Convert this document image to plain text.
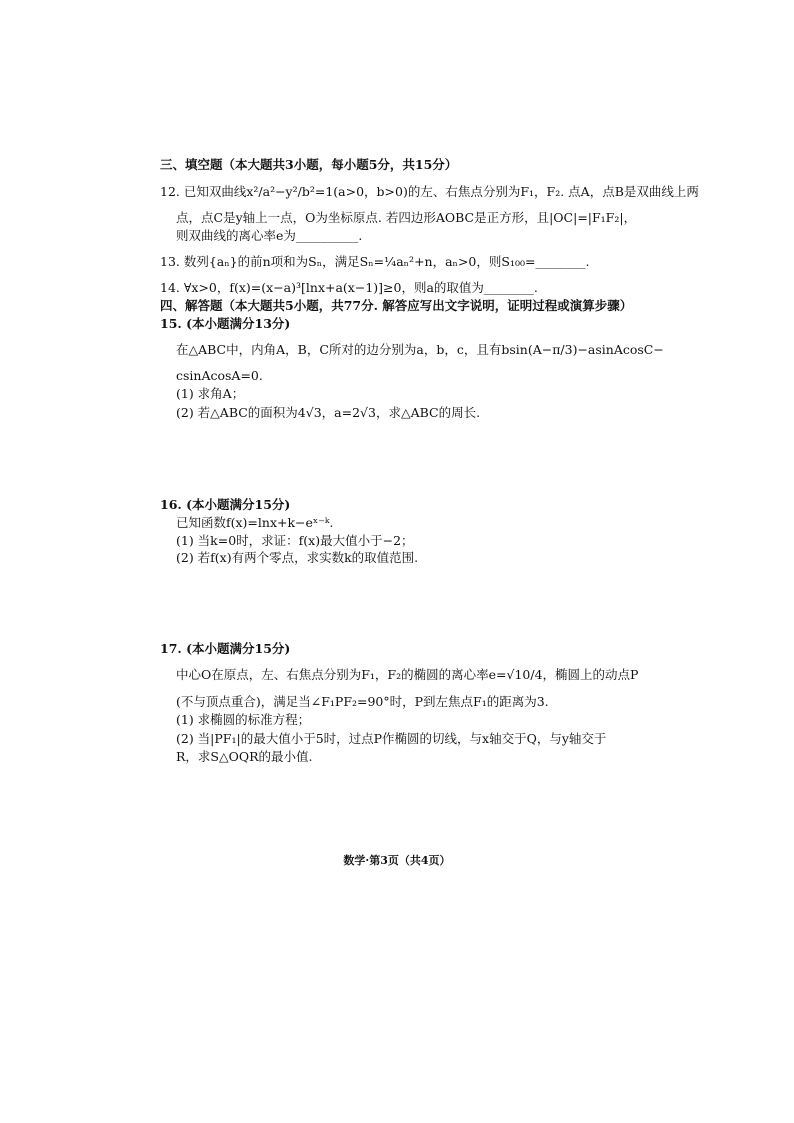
三、填空题（本大题共3小题，每小题5分，共15分）
12. 已知双曲线x²/a²−y²/b²=1(a>0，b>0)的左、右焦点分别为F₁，F₂. 点A，点B是双曲线上两
点，点C是y轴上一点，O为坐标原点. 若四边形AOBC是正方形，且|OC|=|F₁F₂|，
则双曲线的离心率e为__________.
13. 数列{aₙ}的前n项和为Sₙ，满足Sₙ=¼aₙ²+n，aₙ>0，则S₁₀₀=________.
14. ∀x>0，f(x)=(x−a)³[lnx+a(x−1)]≥0，则a的取值为________.
四、解答题（本大题共5小题，共77分. 解答应写出文字说明，证明过程或演算步骤）
15. (本小题满分13分)
在△ABC中，内角A，B，C所对的边分别为a，b，c，且有bsin(A−π/3)−asinAcosC−
csinAcosA=0.
(1) 求角A；
(2) 若△ABC的面积为4√3，a=2√3，求△ABC的周长.
16. (本小题满分15分)
已知函数f(x)=lnx+k−eˣ⁻ᵏ.
(1) 当k=0时，求证：f(x)最大值小于−2；
(2) 若f(x)有两个零点，求实数k的取值范围.
17. (本小题满分15分)
中心O在原点，左、右焦点分别为F₁，F₂的椭圆的离心率e=√10/4，椭圆上的动点P
(不与顶点重合)，满足当∠F₁PF₂=90°时，P到左焦点F₁的距离为3.
(1) 求椭圆的标准方程；
(2) 当|PF₁|的最大值小于5时，过点P作椭圆的切线，与x轴交于Q，与y轴交于
R，求S△OQR的最小值.
数学·第3页（共4页）
